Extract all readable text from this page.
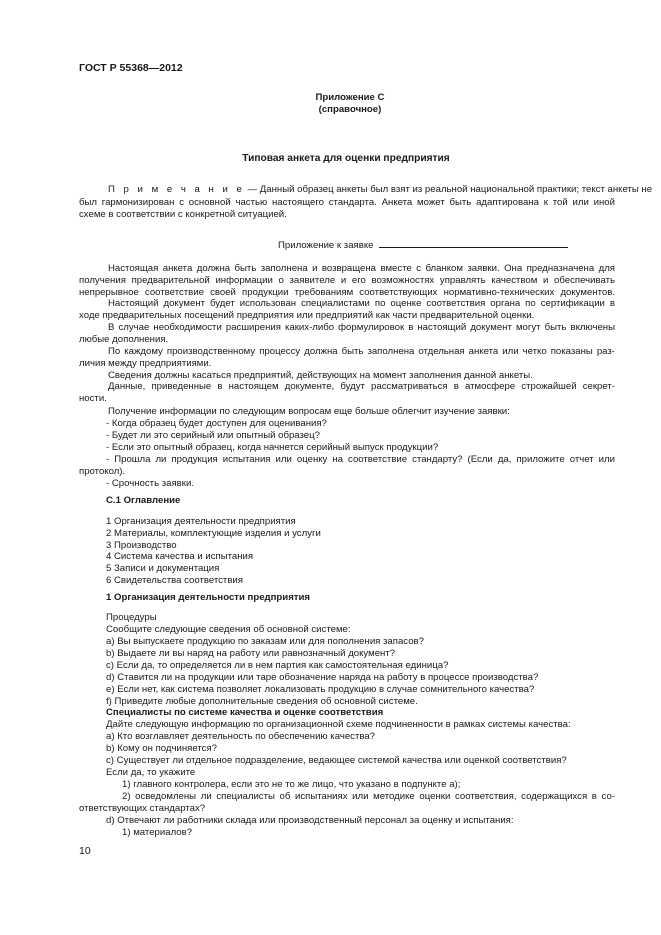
ГОСТ Р 55368—2012
Приложение С
(справочное)
Типовая анкета для оценки предприятия
П р и м е ч а н и е — Данный образец анкеты был взят из реальной национальной практики; текст анкеты не
был гармонизирован с основной частью настоящего стандарта. Анкета может быть адаптирована к той или иной
схеме в соответствии с конкретной ситуацией.
Приложение к заявке
Настоящая анкета должна быть заполнена и возвращена вместе с бланком заявки. Она предназначена для
получения предварительной информации о заявителе и его возможностях управлять качеством и обеспечивать
непрерывное соответствие своей продукции требованиям соответствующих нормативно-технических документов.
Настоящий документ будет использован специалистами по оценке соответствия органа по сертификации в
ходе предварительных посещений предприятия или предприятий как части предварительной оценки.
В случае необходимости расширения каких-либо формулировок в настоящий документ могут быть включены
любые дополнения.
По каждому производственному процессу должна быть заполнена отдельная анкета или четко показаны раз-
личия между предприятиями.
Сведения должны касаться предприятий, действующих на момент заполнения данной анкеты.
Данные, приведенные в настоящем документе, будут рассматриваться в атмосфере строжайшей секрет-
ности.
Получение информации по следующим вопросам еще больше облегчит изучение заявки:
- Когда образец будет доступен для оценивания?
- Будет ли это серийный или опытный образец?
- Если это опытный образец, когда начнется серийный выпуск продукции?
- Прошла ли продукция испытания или оценку на соответствие стандарту? (Если да, приложите отчет или
протокол).
- Срочность заявки.
С.1 Оглавление
1 Организация деятельности предприятия
2 Материалы, комплектующие изделия и услуги
3 Производство
4 Система качества и испытания
5 Записи и документация
6 Свидетельства соответствия
1 Организация деятельности предприятия
Процедуры
Сообщите следующие сведения об основной системе:
a) Вы выпускаете продукцию по заказам или для пополнения запасов?
b) Выдаете ли вы наряд на работу или равнозначный документ?
c) Если да, то определяется ли в нем партия как самостоятельная единица?
d) Ставится ли на продукции или таре обозначение наряда на работу в процессе производства?
e) Если нет, как система позволяет локализовать продукцию в случае сомнительного качества?
f) Приведите любые дополнительные сведения об основной системе.
Специалисты по системе качества и оценке соответствия
Дайте следующую информацию по организационной схеме подчиненности в рамках системы качества:
a) Кто возглавляет деятельность по обеспечению качества?
b) Кому он подчиняется?
c) Существует ли отдельное подразделение, ведающее системой качества или оценкой соответствия?
Если да, то укажите
1) главного контролера, если это не то же лицо, что указано в подпункте а);
2) осведомлены ли специалисты об испытаниях или методике оценки соответствия, содержащихся в со-
ответствующих стандартах?
d) Отвечают ли работники склада или производственный персонал за оценку и испытания:
1) материалов?
10
